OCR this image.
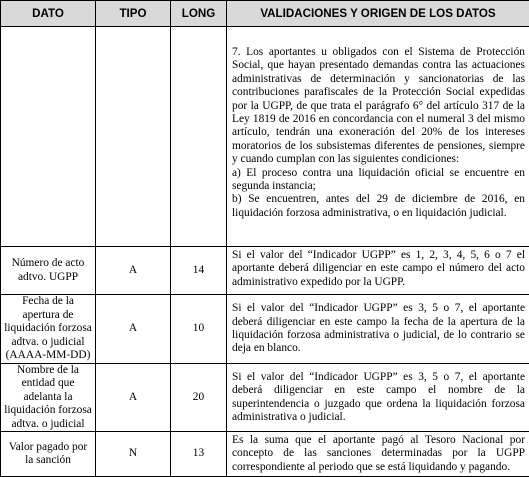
DATO	TIPO	LONG	VALIDACIONES Y ORIGEN DE LOS DATOS

			7. Los aportantes u obligados con el Sistema de Protección Social, que hayan presentado demandas contra las actuaciones administrativas de determinación y sancionatorias de las contribuciones parafiscales de la Protección Social expedidas por la UGPP, de que trata el parágrafo 6° del artículo 317 de la Ley 1819 de 2016 en concordancia con el numeral 3 del mismo artículo, tendrán una exoneración del 20% de los intereses moratorios de los subsistemas diferentes de pensiones, siempre y cuando cumplan con las siguientes condiciones:

a) El proceso contra una liquidación oficial se encuentre en segunda instancia;

b) Se encuentren, antes del 29 de diciembre de 2016, en liquidación forzosa administrativa, o en liquidación judicial.

Número de acto adtvo. UGPP	A	14	Si el valor del “Indicador UGPP” es 1, 2, 3, 4, 5, 6 o 7 el aportante deberá diligenciar en este campo el número del acto administrativo expedido por la UGPP.

Fecha de la apertura de liquidación forzosa adtva. o judicial (AAAA-MM-DD)	A	10	Si el valor del “Indicador UGPP” es 3, 5 o 7, el aportante deberá diligenciar en este campo la fecha de la apertura de la liquidación forzosa administrativa o judicial, de lo contrario se deja en blanco.

Nombre de la entidad que adelanta la liquidación forzosa adtva. o judicial	A	20	Si el valor del “Indicador UGPP” es 3, 5 o 7, el aportante deberá diligenciar en este campo el nombre de la superintendencia o juzgado que ordena la liquidación forzosa administrativa o judicial.

Valor pagado por la sanción	N	13	Es la suma que el aportante pagó al Tesoro Nacional por concepto de las sanciones determinadas por la UGPP correspondiente al periodo que se está liquidando y pagando.
